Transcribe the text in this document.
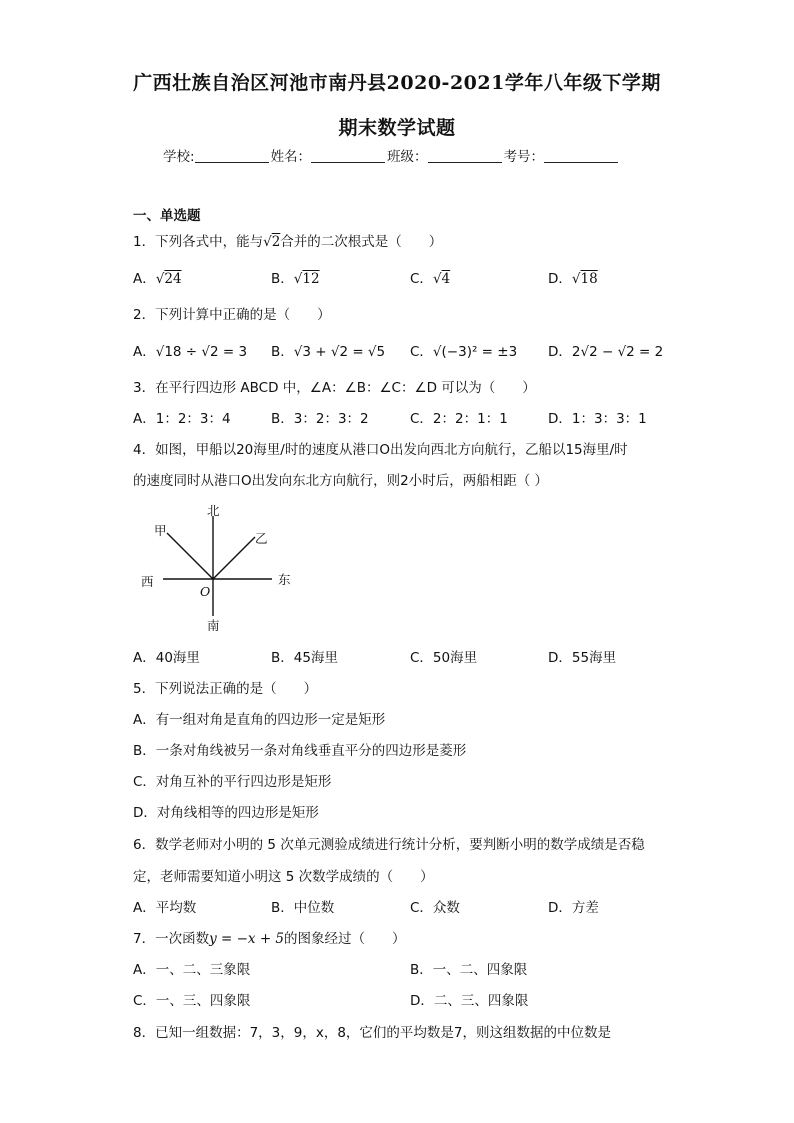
广西壮族自治区河池市南丹县2020-2021学年八年级下学期
期末数学试题
学校:	姓名：	班级：	考号：
一、单选题
1．下列各式中，能与√2合并的二次根式是（　　）
A．√24	B．√12	C．√4	D．√18
2．下列计算中正确的是（　　）
A．√18 ÷ √2 = 3 B．√3 + √2 = √5 C．√(−3)² = ±3 D．2√2 − √2 = 2
3．在平行四边形 ABCD 中，∠A：∠B：∠C：∠D 可以为（　　）
A．1：2：3：4	B．3：2：3：2	C．2：2：1：1	D．1：3：3：1
4．如图，甲船以20海里/时的速度从港口O出发向西北方向航行，乙船以15海里/时
的速度同时从港口O出发向东北方向航行，则2小时后，两船相距（ ）
北
南
东
西
甲
乙
O
A．40海里	B．45海里	C．50海里	D．55海里
5．下列说法正确的是（　　）
A．有一组对角是直角的四边形一定是矩形
B．一条对角线被另一条对角线垂直平分的四边形是菱形
C．对角互补的平行四边形是矩形
D．对角线相等的四边形是矩形
6．数学老师对小明的 5 次单元测验成绩进行统计分析，要判断小明的数学成绩是否稳
定，老师需要知道小明这 5 次数学成绩的（　　）
A．平均数	B．中位数	C．众数	D．方差
7．一次函数y = −x + 5的图象经过（　　）
A．一、二、三象限	B．一、二、四象限
C．一、三、四象限	D．二、三、四象限
8．已知一组数据：7，3，9，x，8，它们的平均数是7，则这组数据的中位数是
